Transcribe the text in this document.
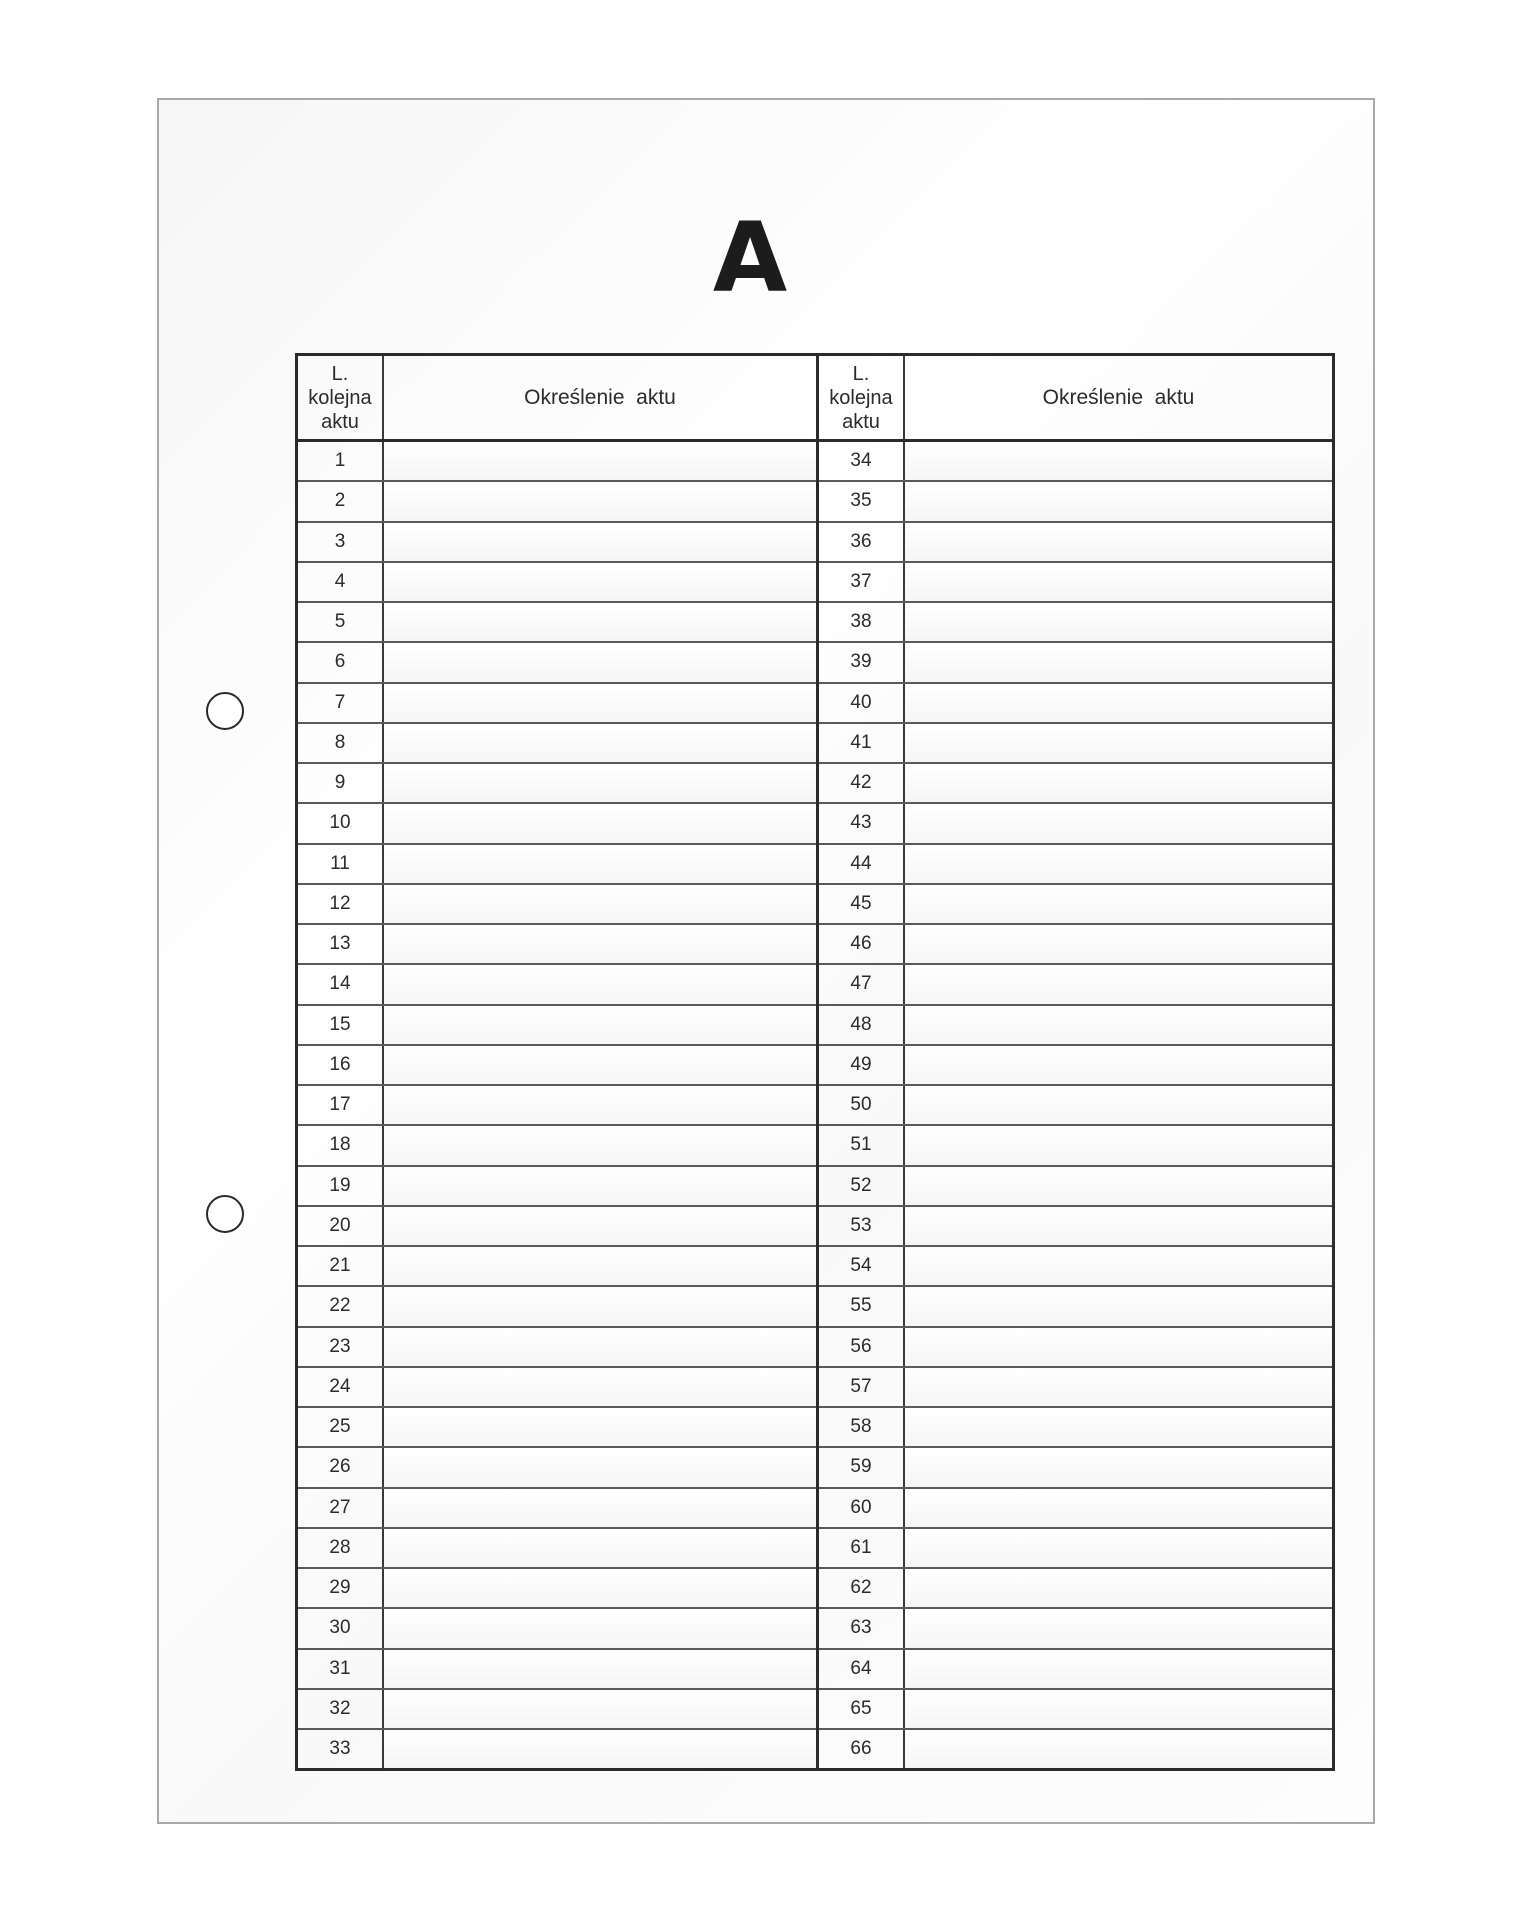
A
L.
kolejna
aktu
Określenie  aktu
1
2
3
4
5
6
7
8
9
10
11
12
13
14
15
16
17
18
19
20
21
22
23
24
25
26
27
28
29
30
31
32
33
L.
kolejna
aktu
Określenie  aktu
34
35
36
37
38
39
40
41
42
43
44
45
46
47
48
49
50
51
52
53
54
55
56
57
58
59
60
61
62
63
64
65
66
